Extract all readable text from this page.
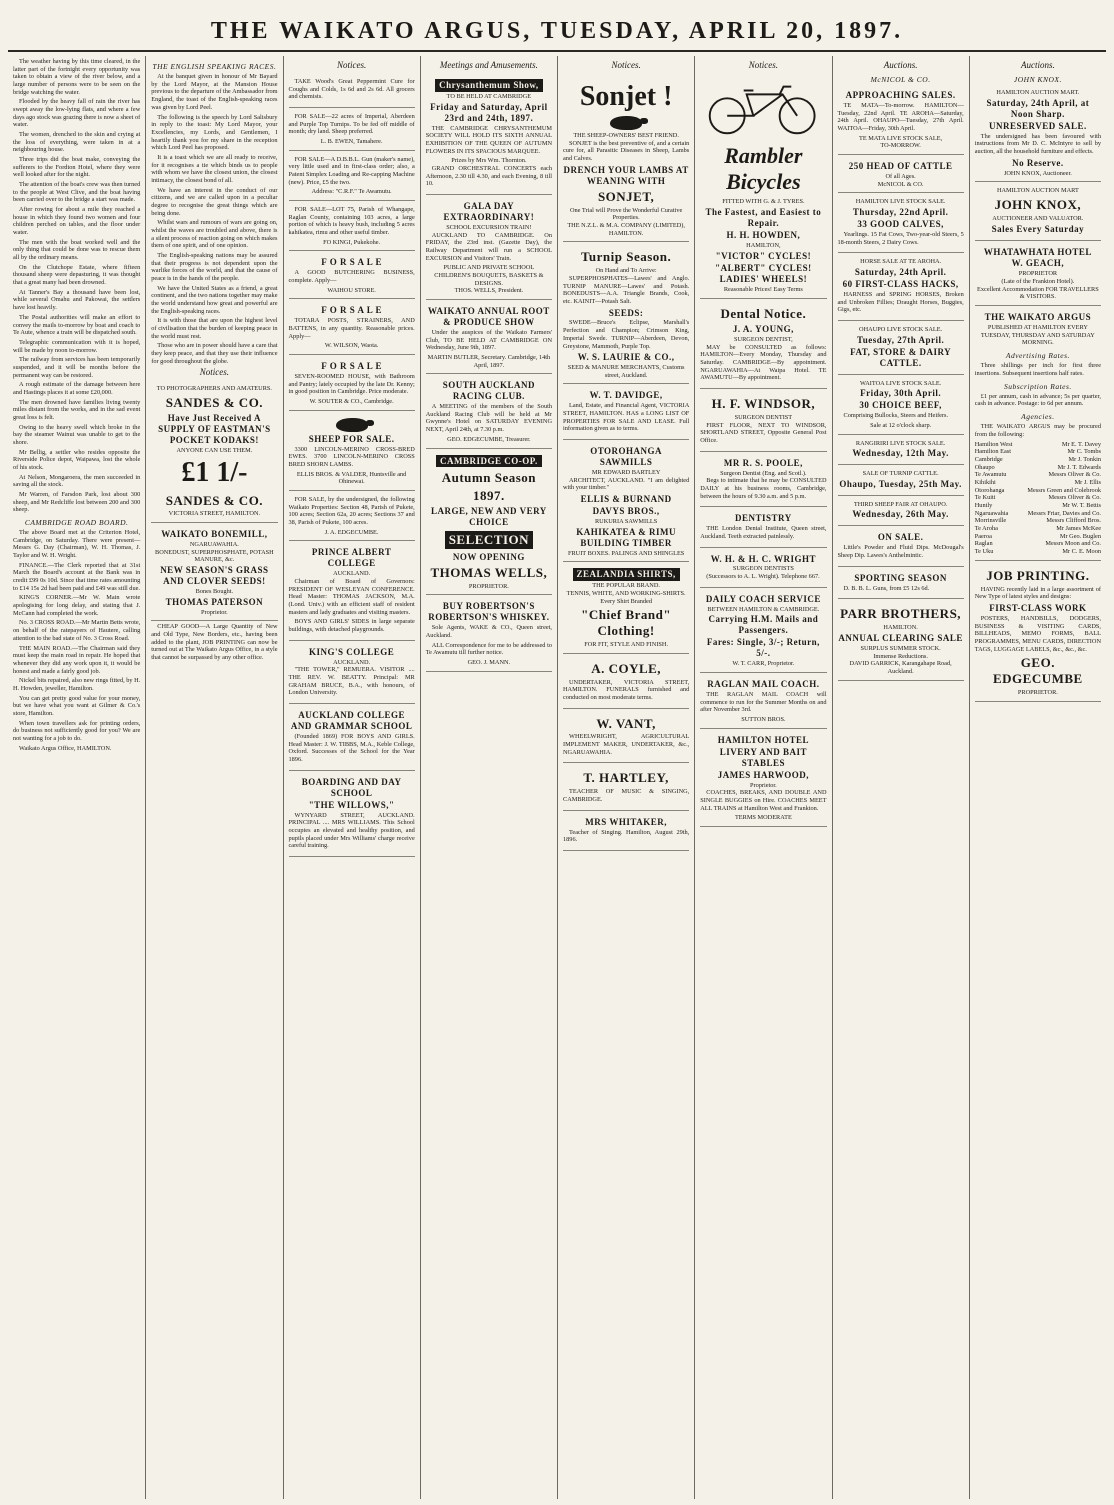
THE WAIKATO ARGUS, TUESDAY, APRIL 20, 1897.

The weather having by this time cleared, in the latter part of the fortnight every opportunity was taken to obtain a view of the river below, and a large number of persons were to be seen on the bridge watching the water.

Flooded by the heavy fall of rain the river has swept away the low-lying flats, and where a few days ago stock was grazing there is now a sheet of water.

The women, drenched to the skin and crying at the loss of everything, were taken in at a neighbouring house.

Three trips did the boat make, conveying the sufferers to the Fordton Hotel, where they were well looked after for the night.

The attention of the boat's crew was then turned to the people at West Clive, and the boat having been carried over to the bridge a start was made.

After rowing for about a mile they reached a house in which they found two women and four children perched on tables, and the floor under water.

The men with the boat worked well and the only thing that could be done was to rescue them all by the ordinary means.

On the Clutchope Estate, where fifteen thousand sheep were depasturing, it was thought that a great many had been drowned.

At Tanner's Bay a thousand have been lost, while several Omahu and Pakowai, the settlers have lost heavily.

The Postal authorities will make an effort to convey the mails to-morrow by boat and coach to Te Aute, whence a train will be dispatched south.

Telegraphic communication with it is hoped, will be made by noon to-morrow.

The railway from services has been temporarily suspended, and it will be months before the permanent way can be restored.

A rough estimate of the damage between here and Hastings places it at some £20,000.

The men drowned have families living twenty miles distant from the works, and in the sad event great loss is felt.

Owing to the heavy swell which broke in the bay the steamer Wainui was unable to get to the shore.

Mr Bellig, a settler who resides opposite the Riverside Police depot, Waipawa, lost the whole of his stock.

At Nelson, Mongaroera, the men succeeded in saving all the stock.

Mr Warren, of Farsdon Park, lost about 300 sheep, and Mr Redcliffe lost between 200 and 300 sheep.

CAMBRIDGE ROAD BOARD.

The above Board met at the Criterion Hotel, Cambridge, on Saturday. There were present—Messrs G. Day (Chairman), W. H. Thomas, J. Taylor and W. H. Wright.

FINANCE.—The Clerk reported that at 31st March the Board's account at the Bank was in credit £99 0s 10d. Since that time rates amounting to £14 15s 2d had been paid and £49 was still due.

KING'S CORNER.—Mr W. Main wrote apologising for long delay, and stating that J. McCann had completed the work.

No. 3 CROSS ROAD.—Mr Martin Betts wrote, on behalf of the ratepayers of Hautere, calling attention to the bad state of No. 3 Cross Road.

THE MAIN ROAD.—The Chairman said they must keep the main road in repair. He hoped that whenever they did any work upon it, it would be honest and made a fairly good job.

Nickel bits repaired, also new rings fitted, by H. H. Howden, jeweller, Hamilton.

You can get pretty good value for your money, but we have what you want at Gilmer & Co.'s store, Hamilton.

When town travellers ask for printing orders, do business not sufficiently good for you? We are not wanting for a job to do.

Waikato Argus Office, HAMILTON.

THE ENGLISH SPEAKING RACES.

At the banquet given in honour of Mr Bayard by the Lord Mayor, at the Mansion House previous to the departure of the Ambassador from England, the toast of the English-speaking races was given by Lord Peel.

The following is the speech by Lord Salisbury in reply to the toast: My Lord Mayor, your Excellencies, my Lords, and Gentlemen, I heartily thank you for my share in the reception which Lord Peel has proposed.

It is a toast which we are all ready to receive, for it recognises a tie which binds us to people with whom we have the closest union, the closest intimacy, the closest bond of all.

We have an interest in the conduct of our citizens, and we are called upon in a peculiar degree to recognise the great things which are being done.

Whilst wars and rumours of wars are going on, whilst the waves are troubled and above, there is a silent process of reaction going on which makes them of one spirit, and of one opinion.

The English-speaking nations may be assured that their progress is not dependent upon the warlike forces of the world, and that the cause of peace is in the hands of the people.

We have the United States as a friend, a great continent, and the two nations together may make the world understand how great and powerful are the English-speaking races.

It is with those that are upon the highest level of civilisation that the burden of keeping peace in the world must rest.

Those who are in power should have a care that they keep peace, and that they use their influence for good throughout the globe.

Notices.
TO PHOTOGRAPHERS AND AMATEURS.
SANDES & CO.
Have Just Received A SUPPLY OF EASTMAN'S POCKET KODAKS!
ANYONE CAN USE THEM.
£1 1/-
SANDES & CO.
VICTORIA STREET, HAMILTON.
WAIKATO BONEMILL,
NGARUAWAHIA.
BONEDUST, SUPERPHOSPHATE, POTASH MANURE, &c.
NEW SEASON'S GRASS AND CLOVER SEEDS!
Bones Bought.
THOMAS PATERSON
Proprietor.

CHEAP GOOD—A Large Quantity of New and Old Type, New Borders, etc., having been added to the plant, JOB PRINTING can now be turned out at The Waikato Argus Office, in a style that cannot be surpassed by any other office.

Notices.

TAKE Wood's Great Peppermint Cure for Coughs and Colds, 1s 6d and 2s 6d. All grocers and chemists.

FOR SALE—22 acres of Imperial, Aberdeen and Purple Top Turnips. To be fed off middle of month; dry land. Sheep preferred.

L. B. EWEN, Tamahere.

FOR SALE—A D.B.B.L. Gun (maker's name), very little used and in first-class order; also, a Patent Simplex Loading and Re-capping Machine (new). Price, £5 the two.

Address: "C.R.F." Te Awamutu.

FOR SALE—LOT 75, Parish of Whangape, Raglan County, containing 103 acres, a large portion of which is heavy bush, including 5 acres kahikatea, rimu and other useful timber.

FO KINGI, Pukekohe.
F O R S A L E

A GOOD BUTCHERING BUSINESS, complete. Apply—

WAIHOU STORE.
F O R S A L E

TOTARA POSTS, STRAINERS, AND BATTENS, in any quantity. Reasonable prices. Apply—

W. WILSON, Waota.
F O R S A L E

SEVEN-ROOMED HOUSE, with Bathroom and Pantry; lately occupied by the late Dr. Kenny; in good position in Cambridge. Price moderate.

W. SOUTER & CO., Cambridge.
SHEEP FOR SALE.

3300 LINCOLN-MERINO CROSS-BRED EWES. 3700 LINCOLN-MERINO CROSS BRED SHORN LAMBS.

ELLIS BROS. & VALDER, Huntsville and Ohinewai.

FOR SALE, by the undersigned, the following Waikato Properties: Section 48, Parish of Pukete, 100 acres; Section 62a, 20 acres; Sections 37 and 38, Parish of Pukete, 100 acres.

J. A. EDGECUMBE.
PRINCE ALBERT COLLEGE
AUCKLAND.

Chairman of Board of Governors: PRESIDENT OF WESLEYAN CONFERENCE. Head Master: THOMAS JACKSON, M.A. (Lond. Univ.) with an efficient staff of resident masters and lady graduates and visiting masters.

BOYS AND GIRLS' SIDES in large separate buildings, with detached playgrounds.

KING'S COLLEGE
AUCKLAND.

"THE TOWER," REMUERA. VISITOR .... THE REV. W. BEATTY. Principal: MR GRAHAM BRUCE, B.A., with honours, of London University.

AUCKLAND COLLEGE AND GRAMMAR SCHOOL

(Founded 1869) FOR BOYS AND GIRLS. Head Master: J. W. TIBBS, M.A., Keble College, Oxford. Successes of the School for the Year 1896.

BOARDING AND DAY SCHOOL
"THE WILLOWS,"

WYNYARD STREET, AUCKLAND. PRINCIPAL .... MRS WILLIAMS. This School occupies an elevated and healthy position, and pupils placed under Mrs Williams' charge receive careful training.

Meetings and Amusements.
Chrysanthemum Show,
TO BE HELD AT CAMBRIDGE
Friday and Saturday, April 23rd and 24th, 1897.

THE CAMBRIDGE CHRYSANTHEMUM SOCIETY WILL HOLD ITS SIXTH ANNUAL EXHIBITION OF THE QUEEN OF AUTUMN FLOWERS IN ITS SPACIOUS MARQUEE.

Prizes by Mrs Wm. Thornton.

GRAND ORCHESTRAL CONCERTS each Afternoon, 2.30 till 4.30, and each Evening, 8 till 10.

GALA DAY EXTRAORDINARY!
SCHOOL EXCURSION TRAIN!

AUCKLAND TO CAMBRIDGE. On FRIDAY, the 23rd inst. (Gazette Day), the Railway Department will run a SCHOOL EXCURSION and Visitors' Train.

PUBLIC AND PRIVATE SCHOOL CHILDREN'S BOUQUETS, BASKETS & DESIGNS.
THOS. WELLS, President.
WAIKATO ANNUAL ROOT & PRODUCE SHOW

Under the auspices of the Waikato Farmers' Club, TO BE HELD AT CAMBRIDGE ON Wednesday, June 9th, 1897.

MARTIN BUTLER, Secretary. Cambridge, 14th April, 1897.
SOUTH AUCKLAND RACING CLUB.

A MEETING of the members of the South Auckland Racing Club will be held at Mr Gwynne's Hotel on SATURDAY EVENING NEXT, April 24th, at 7.30 p.m.

GEO. EDGECUMBE, Treasurer.
CAMBRIDGE CO-OP.
Autumn Season
1897.
LARGE, NEW AND VERY CHOICE
SELECTION
NOW OPENING
THOMAS WELLS,
PROPRIETOR.
BUY ROBERTSON'S ROBERTSON'S WHISKEY.

Sole Agents, WAKE & CO., Queen street, Auckland.

ALL Correspondence for me to be addressed to Te Awamutu till further notice.

GEO. J. MANN.
Notices.
Sonjet !
THE SHEEP-OWNERS' BEST FRIEND.

SONJET is the best preventive of, and a certain cure for, all Parasitic Diseases in Sheep, Lambs and Calves.

DRENCH YOUR LAMBS AT WEANING WITH
SONJET,
One Trial will Prove the Wonderful Curative Properties.
THE N.Z.L. & M.A. COMPANY (LIMITED), HAMILTON.
Turnip Season.
On Hand and To Arrive:

SUPERPHOSPHATES—Lawes' and Anglo. TURNIP MANURE—Lawes' and Potash. BONEDUSTS—A.A. Triangle Brands, Cook, etc. KAINIT—Potash Salt.

SEEDS:

SWEDE—Bruce's Eclipse, Marshall's Perfection and Champion; Crimson King, Imperial Swede. TURNIP—Aberdeen, Devon, Greystone, Mammoth, Purple Top.

W. S. LAURIE & CO.,
SEED & MANURE MERCHANTS, Customs street, Auckland.
W. T. DAVIDGE,

Land, Estate, and Financial Agent, VICTORIA STREET, HAMILTON. HAS a LONG LIST OF PROPERTIES FOR SALE AND LEASE. Full information given as to terms.

OTOROHANGA SAWMILLS
MR EDWARD BARTLEY

ARCHITECT, AUCKLAND. "I am delighted with your timber."

ELLIS & BURNAND
DAVYS BROS.,
RUKURIA SAWMILLS
KAHIKATEA & RIMU BUILDING TIMBER
FRUIT BOXES. PALINGS AND SHINGLES
ZEALANDIA SHIRTS,
THE POPULAR BRAND.
TENNIS, WHITE, AND WORKING-SHIRTS.
Every Shirt Branded
"Chief Brand" Clothing!
FOR FIT, STYLE AND FINISH.
A. COYLE,

UNDERTAKER, VICTORIA STREET, HAMILTON. FUNERALS furnished and conducted on most moderate terms.

W. VANT,

WHEELWRIGHT, AGRICULTURAL IMPLEMENT MAKER, UNDERTAKER, &c., NGARUAWAHIA.

T. HARTLEY,

TEACHER OF MUSIC & SINGING, CAMBRIDGE.

MRS WHITAKER,

Teacher of Singing. Hamilton, August 29th, 1896.

Notices.
Rambler Bicycles
FITTED WITH G. & J. TYRES.
The Fastest, and Easiest to Repair.
H. H. HOWDEN,
HAMILTON,
"VICTOR" CYCLES!
"ALBERT" CYCLES!
LADIES' WHEELS!
Reasonable Prices! Easy Terms
Dental Notice.
J. A. YOUNG,
SURGEON DENTIST,

MAY be CONSULTED as follows: HAMILTON—Every Monday, Thursday and Saturday. CAMBRIDGE—By appointment. NGARUAWAHIA—At Waipa Hotel. TE AWAMUTU—By appointment.

H. F. WINDSOR,
SURGEON DENTIST

FIRST FLOOR, NEXT TO WINDSOR, SHORTLAND STREET, Opposite General Post Office.

MR R. S. POOLE,
Surgeon Dentist (Eng. and Scotl.).

Begs to intimate that he may be CONSULTED DAILY at his business rooms, Cambridge, between the hours of 9.30 a.m. and 5 p.m.

DENTISTRY

THE London Dental Institute, Queen street, Auckland. Teeth extracted painlessly.

W. H. & H. C. WRIGHT
SURGEON DENTISTS

(Successors to A. L. Wright). Telephone 667.

DAILY COACH SERVICE
BETWEEN HAMILTON & CAMBRIDGE.
Carrying H.M. Mails and Passengers.
Fares: Single, 3/-; Return, 5/-.
W. T. CARR, Proprietor.
RAGLAN MAIL COACH.

THE RAGLAN MAIL COACH will commence to run for the Summer Months on and after November 3rd.

SUTTON BROS.
HAMILTON HOTEL
LIVERY AND BAIT STABLES
JAMES HARWOOD,
Proprietor.

COACHES, BREAKS, AND DOUBLE AND SINGLE BUGGIES on Hire. COACHES MEET ALL TRAINS at Hamilton West and Frankton.

TERMS MODERATE
Auctions.
McNICOL & CO.
APPROACHING SALES.

TE MATA—To-morrow. HAMILTON—Tuesday, 22nd April. TE AROHA—Saturday, 24th April. OHAUPO—Tuesday, 27th April. WAITOA—Friday, 30th April.

TE MATA LIVE STOCK SALE,
TO-MORROW.
250 HEAD OF CATTLE
Of all Ages.
McNICOL & CO.
HAMILTON LIVE STOCK SALE.
Thursday, 22nd April.
33 GOOD CALVES,

Yearlings. 15 Fat Cows, Two-year-old Steers, 5 18-month Steers, 2 Dairy Cows.

HORSE SALE AT TE AROHA.
Saturday, 24th April.
60 FIRST-CLASS HACKS,

HARNESS and SPRING HORSES, Broken and Unbroken Fillies; Draught Horses, Buggies, Gigs, etc.

OHAUPO LIVE STOCK SALE.
Tuesday, 27th April.
FAT, STORE & DAIRY CATTLE.
WAITOA LIVE STOCK SALE.
Friday, 30th April.
30 CHOICE BEEF,

Comprising Bullocks, Steers and Heifers.

Sale at 12 o'clock sharp.
RANGIRIRI LIVE STOCK SALE.
Wednesday, 12th May.
SALE OF TURNIP CATTLE.
Ohaupo, Tuesday, 25th May.
THIRD SHEEP FAIR AT OHAUPO.
Wednesday, 26th May.
ON SALE.

Little's Powder and Fluid Dips. McDougal's Sheep Dip. Lawes's Anthelmintic.

SPORTING SEASON

D. B. B. L. Guns, from £5 12s 6d.

PARR BROTHERS,
HAMILTON.
ANNUAL CLEARING SALE
SURPLUS SUMMER STOCK.
Immense Reductions.
DAVID GARRICK, Karangahape Road, Auckland.
Auctions.
JOHN KNOX.
HAMILTON AUCTION MART.
Saturday, 24th April, at Noon Sharp.
UNRESERVED SALE.

The undersigned has been favoured with instructions from Mr D. C. McIntyre to sell by auction, all the household furniture and effects.

No Reserve.
JOHN KNOX, Auctioneer.
HAMILTON AUCTION MART
JOHN KNOX,
AUCTIONEER AND VALUATOR.
Sales Every Saturday
WHATAWHATA HOTEL
W. GEACH,
PROPRIETOR
(Late of the Frankton Hotel).
Excellent Accommodation FOR TRAVELLERS & VISITORS.
THE WAIKATO ARGUS
PUBLISHED AT HAMILTON EVERY TUESDAY, THURSDAY AND SATURDAY MORNING.
Advertising Rates.

Three shillings per inch for first three insertions. Subsequent insertions half rates.

Subscription Rates.

£1 per annum, cash in advance; 5s per quarter, cash in advance. Postage: to 6d per annum.

Agencies.

THE WAIKATO ARGUS may be procured from the following:

Hamilton West	Mr E. T. Davey
Hamilton East	Mr C. Tombs
Cambridge	Mr J. Tonkin
Ohaupo	Mr J. T. Edwards
Te Awamutu	Messrs Oliver & Co.
Kihikihi	Mr J. Ellis
Otorohanga	Messrs Green and Colebrook
Te Kuiti	Messrs Oliver & Co.
Huntly	Mr W. T. Bettis
Ngaruawahia	Messrs Friar, Davies and Co.
Morrinsville	Messrs Clifford Bros.
Te Aroha	Mr James McKee
Paeroa	Mr Geo. Buglen
Raglan	Messrs Moon and Co.
Te Uku	Mr C. E. Moon
JOB PRINTING.

HAVING recently laid in a large assortment of New Type of latest styles and designs:

FIRST-CLASS WORK

POSTERS, HANDBILLS, DODGERS, BUSINESS & VISITING CARDS, BILLHEADS, MEMO FORMS, BALL PROGRAMMES, MENU CARDS, DIRECTION TAGS, LUGGAGE LABELS, &c., &c., &c.

GEO. EDGECUMBE
PROPRIETOR.
